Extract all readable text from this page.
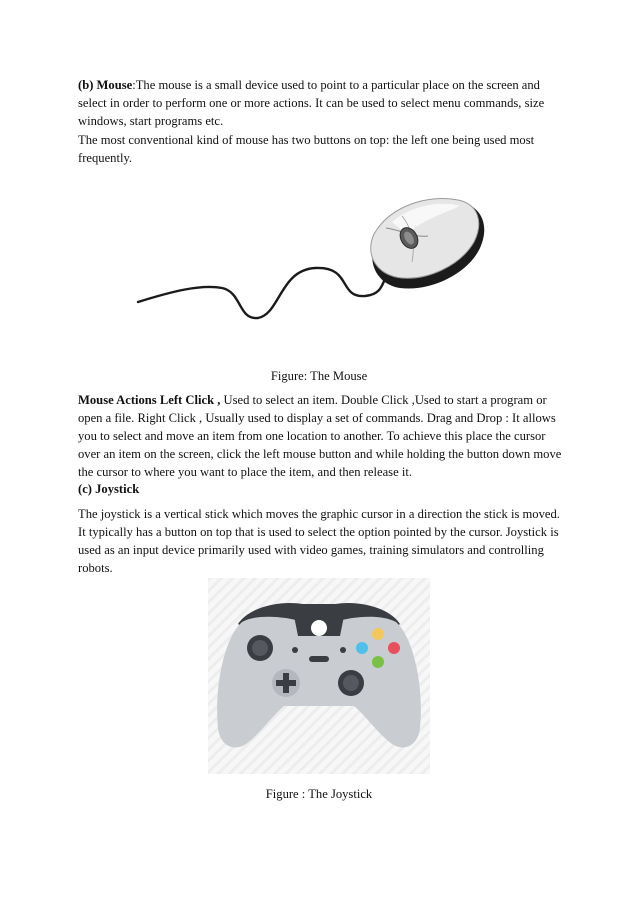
(b) Mouse:The mouse is a small device used to point to a particular place on the screen and select in order to perform one or more actions. It can be used to select menu commands, size windows, start programs etc.

The most conventional kind of mouse has two buttons on top: the left one being used most frequently.

Figure: The Mouse

Mouse Actions Left Click , Used to select an item. Double Click ,Used to start a program or open a file. Right Click , Usually used to display a set of commands. Drag and Drop : It allows you to select and move an item from one location to another. To achieve this place the cursor over an item on the screen, click the left mouse button and while holding the button down move the cursor to where you want to place the item, and then release it.

(c) Joystick

The joystick is a vertical stick which moves the graphic cursor in a direction the stick is moved. It typically has a button on top that is used to select the option pointed by the cursor. Joystick is used as an input device primarily used with video games, training simulators and controlling robots.

Figure : The Joystick
